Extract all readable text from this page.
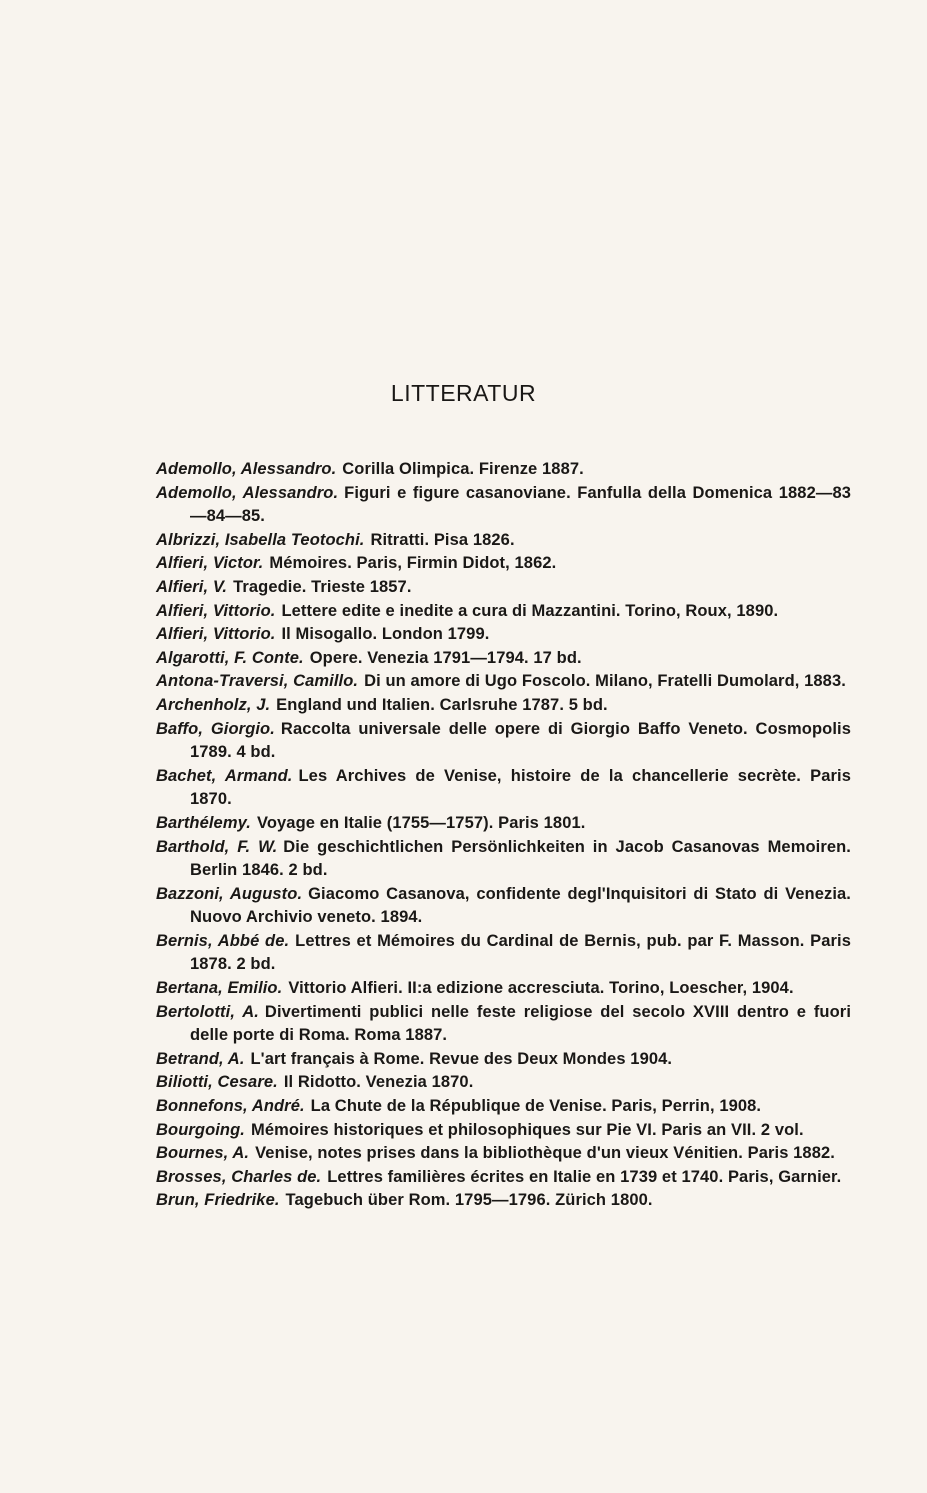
LITTERATUR
Ademollo, Alessandro. Corilla Olimpica. Firenze 1887.
Ademollo, Alessandro. Figuri e figure casanoviane. Fanfulla della Domenica 1882—83—84—85.
Albrizzi, Isabella Teotochi. Ritratti. Pisa 1826.
Alfieri, Victor. Mémoires. Paris, Firmin Didot, 1862.
Alfieri, V. Tragedie. Trieste 1857.
Alfieri, Vittorio. Lettere edite e inedite a cura di Mazzantini. Torino, Roux, 1890.
Alfieri, Vittorio. Il Misogallo. London 1799.
Algarotti, F. Conte. Opere. Venezia 1791—1794. 17 bd.
Antona-Traversi, Camillo. Di un amore di Ugo Foscolo. Milano, Fratelli Dumolard, 1883.
Archenholz, J. England und Italien. Carlsruhe 1787. 5 bd.
Baffo, Giorgio. Raccolta universale delle opere di Giorgio Baffo Veneto. Cosmopolis 1789. 4 bd.
Bachet, Armand. Les Archives de Venise, histoire de la chancellerie secrète. Paris 1870.
Barthélemy. Voyage en Italie (1755—1757). Paris 1801.
Barthold, F. W. Die geschichtlichen Persönlichkeiten in Jacob Casanovas Memoiren. Berlin 1846. 2 bd.
Bazzoni, Augusto. Giacomo Casanova, confidente degl'Inquisitori di Stato di Venezia. Nuovo Archivio veneto. 1894.
Bernis, Abbé de. Lettres et Mémoires du Cardinal de Bernis, pub. par F. Masson. Paris 1878. 2 bd.
Bertana, Emilio. Vittorio Alfieri. II:a edizione accresciuta. Torino, Loescher, 1904.
Bertolotti, A. Divertimenti publici nelle feste religiose del secolo XVIII dentro e fuori delle porte di Roma. Roma 1887.
Betrand, A. L'art français à Rome. Revue des Deux Mondes 1904.
Biliotti, Cesare. Il Ridotto. Venezia 1870.
Bonnefons, André. La Chute de la République de Venise. Paris, Perrin, 1908.
Bourgoing. Mémoires historiques et philosophiques sur Pie VI. Paris an VII. 2 vol.
Bournes, A. Venise, notes prises dans la bibliothèque d'un vieux Vénitien. Paris 1882.
Brosses, Charles de. Lettres familières écrites en Italie en 1739 et 1740. Paris, Garnier.
Brun, Friedrike. Tagebuch über Rom. 1795—1796. Zürich 1800.
